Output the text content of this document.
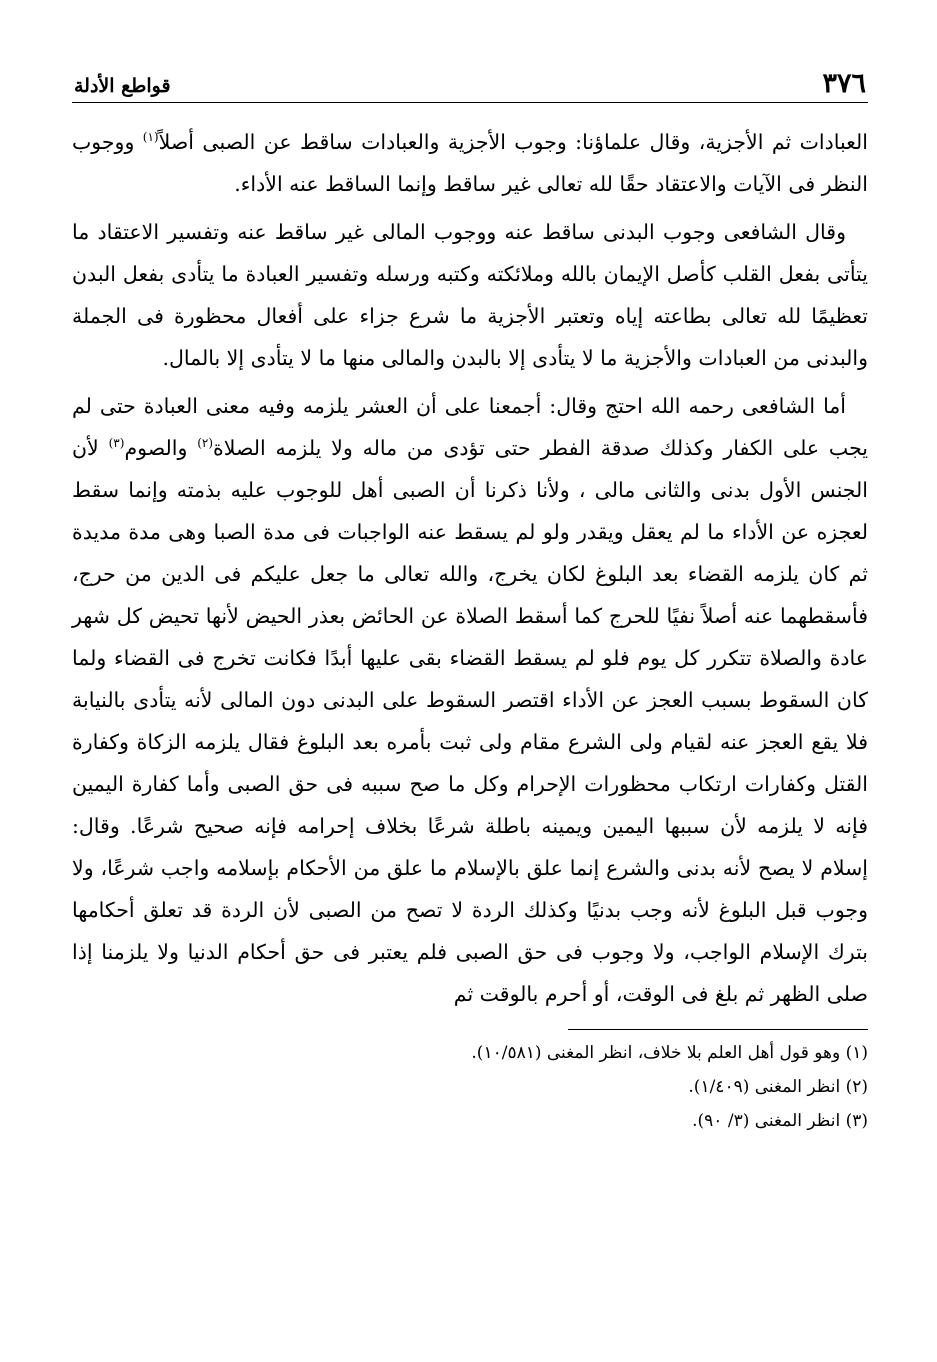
٣٧٦
قواطع الأدلة

العبادات ثم الأجزية، وقال علماؤنا: وجوب الأجزية والعبادات ساقط عن الصبى أصلاً$^{(١)}$ ووجوب النظر فى الآيات والاعتقاد حقًا لله تعالى غير ساقط وإنما الساقط عنه الأداء.

وقال الشافعى وجوب البدنى ساقط عنه ووجوب المالى غير ساقط عنه وتفسير الاعتقاد ما يتأتى بفعل القلب كأصل الإيمان بالله وملائكته وكتبه ورسله وتفسير العبادة ما يتأدى بفعل البدن تعظيمًا لله تعالى بطاعته إياه وتعتبر الأجزية ما شرع جزاء على أفعال محظورة فى الجملة والبدنى من العبادات والأجزية ما لا يتأدى إلا بالبدن والمالى منها ما لا يتأدى إلا بالمال.

أما الشافعى رحمه الله احتج وقال: أجمعنا على أن العشر يلزمه وفيه معنى العبادة حتى لم يجب على الكفار وكذلك صدقة الفطر حتى تؤدى من ماله ولا يلزمه الصلاة$^{(٢)}$ والصوم$^{(٣)}$ لأن الجنس الأول بدنى والثانى مالى ، ولأنا ذكرنا أن الصبى أهل للوجوب عليه بذمته وإنما سقط لعجزه عن الأداء ما لم يعقل ويقدر ولو لم يسقط عنه الواجبات فى مدة الصبا وهى مدة مديدة ثم كان يلزمه القضاء بعد البلوغ لكان يخرج، والله تعالى ما جعل عليكم فى الدين من حرج، فأسقطهما عنه أصلاً نفيًا للحرج كما أسقط الصلاة عن الحائض بعذر الحيض لأنها تحيض كل شهر عادة والصلاة تتكرر كل يوم فلو لم يسقط القضاء بقى عليها أبدًا فكانت تخرج فى القضاء ولما كان السقوط بسبب العجز عن الأداء اقتصر السقوط على البدنى دون المالى لأنه يتأدى بالنيابة فلا يقع العجز عنه لقيام ولى الشرع مقام ولى ثبت بأمره بعد البلوغ فقال يلزمه الزكاة وكفارة القتل وكفارات ارتكاب محظورات الإحرام وكل ما صح سببه فى حق الصبى وأما كفارة اليمين فإنه لا يلزمه لأن سببها اليمين ويمينه باطلة شرعًا بخلاف إحرامه فإنه صحيح شرعًا. وقال: إسلام لا يصح لأنه بدنى والشرع إنما علق بالإسلام ما علق من الأحكام بإسلامه واجب شرعًا، ولا وجوب قبل البلوغ لأنه وجب بدنيًا وكذلك الردة لا تصح من الصبى لأن الردة قد تعلق أحكامها بترك الإسلام الواجب، ولا وجوب فى حق الصبى فلم يعتبر فى حق أحكام الدنيا ولا يلزمنا إذا صلى الظهر ثم بلغ فى الوقت، أو أحرم بالوقت ثم

(١) وهو قول أهل العلم بلا خلاف، انظر المغنى (١٠/٥٨١).
(٢) انظر المغنى (١/٤٠٩).
(٣) انظر المغنى (٣/ ٩٠).
